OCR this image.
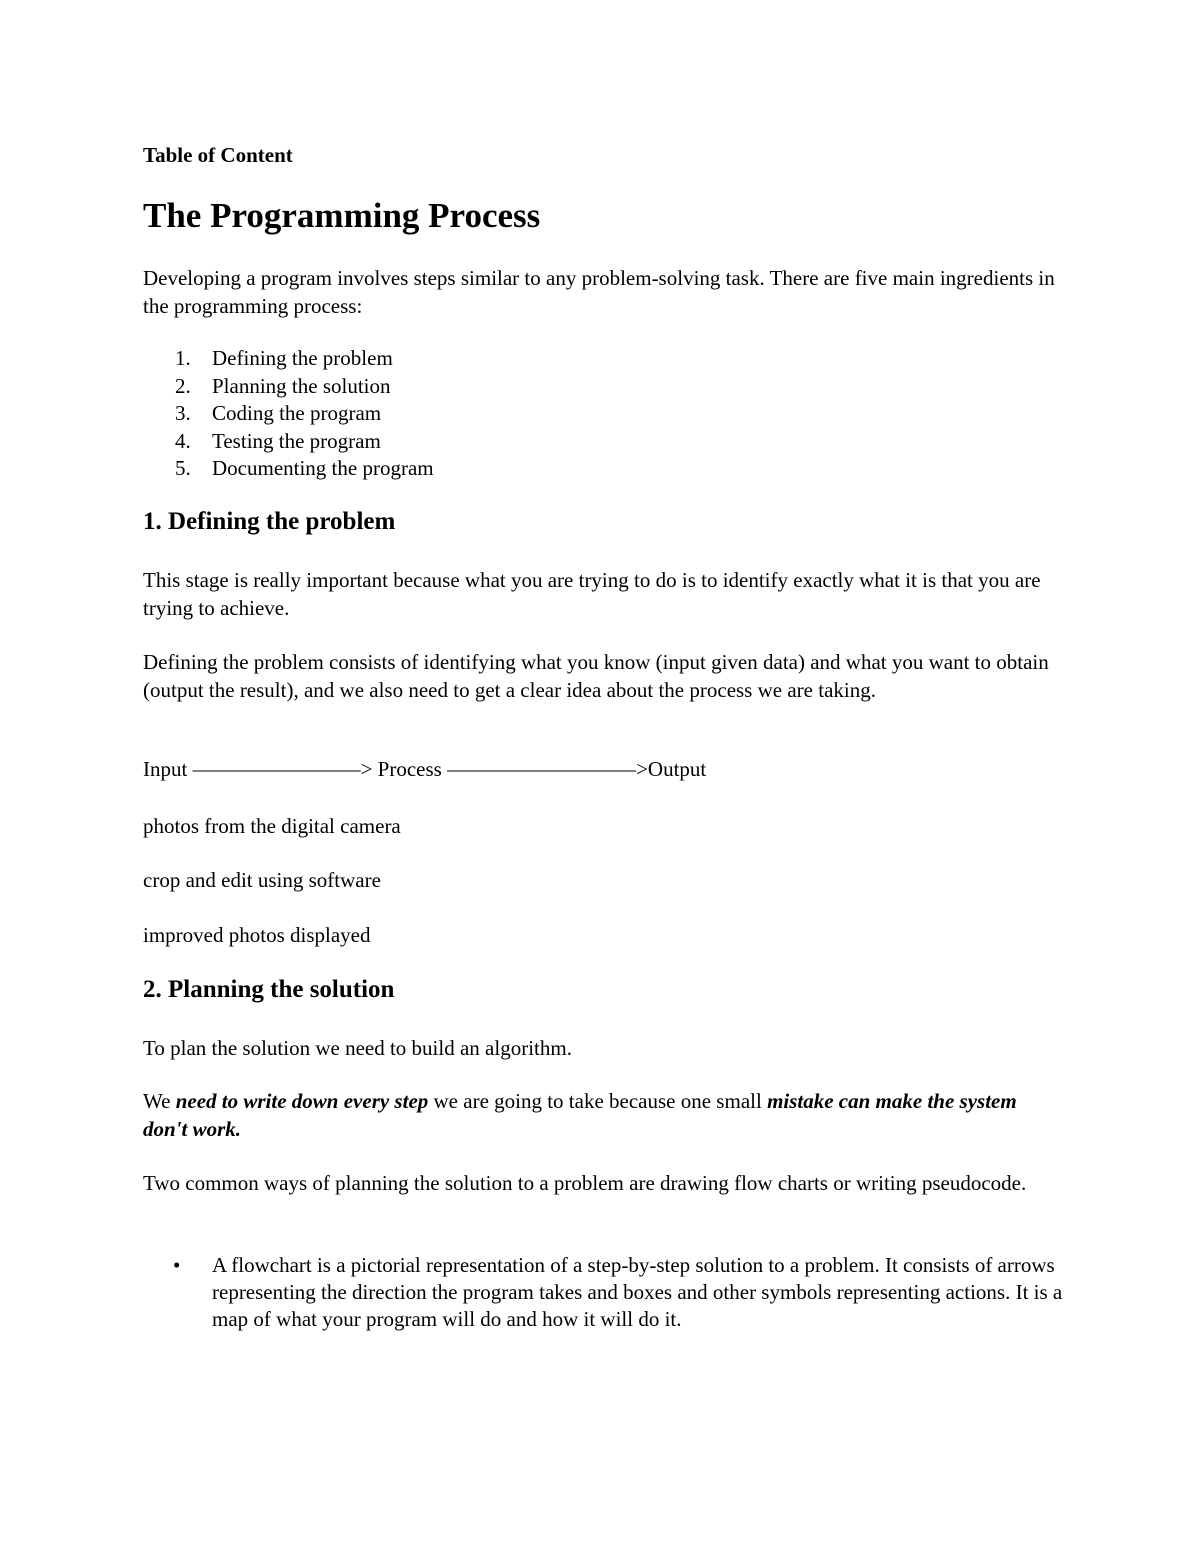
Table of Content
The Programming Process

Developing a program involves steps similar to any problem-solving task. There are five main ingredients in the programming process:

1. Defining the problem
2. Planning the solution
3. Coding the program
4. Testing the program
5. Documenting the program
1. Defining the problem

This stage is really important because what you are trying to do is to identify exactly what it is that you are trying to achieve.

Defining the problem consists of identifying what you know (input given data) and what you want to obtain (output the result), and we also need to get a clear idea about the process we are taking.

Input ————————> Process —————————>Output

photos from the digital camera

crop and edit using software

improved photos displayed

2. Planning the solution

To plan the solution we need to build an algorithm.

We need to write down every step we are going to take because one small mistake can make the system don't work.

Two common ways of planning the solution to a problem are drawing flow charts or writing pseudocode.

• A flowchart is a pictorial representation of a step-by-step solution to a problem. It consists of arrows representing the direction the program takes and boxes and other symbols representing actions. It is a map of what your program will do and how it will do it.
